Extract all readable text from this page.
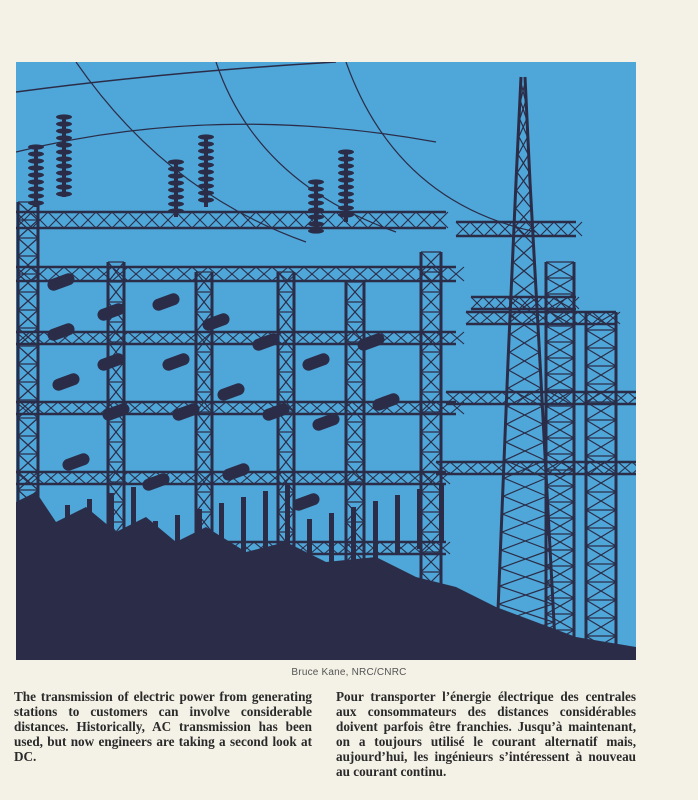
Bruce Kane, NRC/CNRC
The transmission of electric power from generating stations to customers can involve considerable distances. Historically, AC transmission has been used, but now engineers are taking a second look at DC.
Pour transporter l’énergie électrique des centrales aux consommateurs des distances considérables doivent parfois être franchies. Jusqu’à maintenant, on a toujours utilisé le courant alternatif mais, aujourd’hui, les ingénieurs s’intéressent à nouveau au courant continu.
